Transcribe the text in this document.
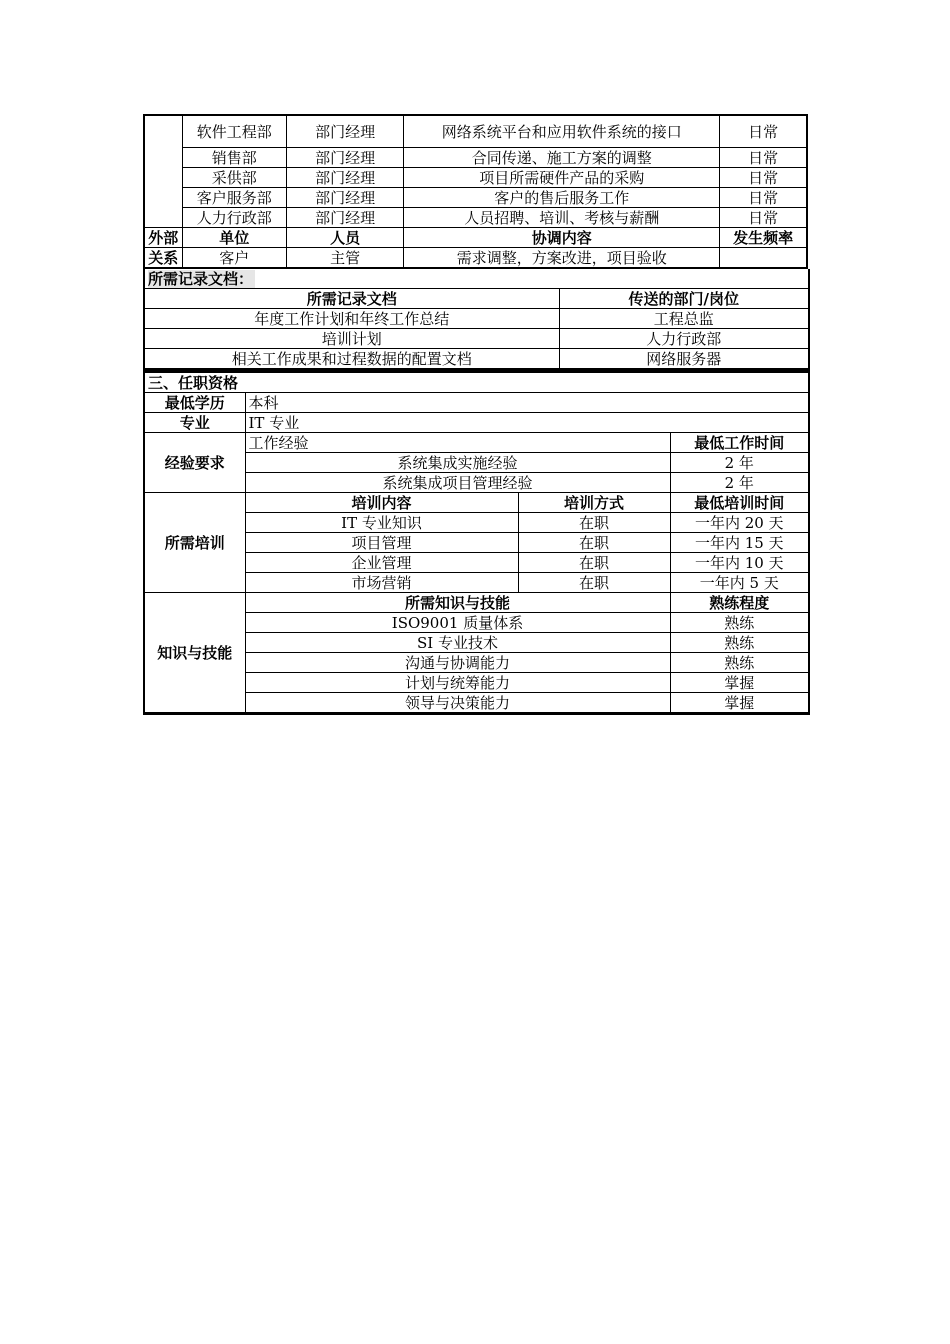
	软件工程部	部门经理	网络系统平台和应用软件系统的接口	日常
	销售部	部门经理	合同传递、施工方案的调整	日常
	采供部	部门经理	项目所需硬件产品的采购	日常
	客户服务部	部门经理	客户的售后服务工作	日常
	人力行政部	部门经理	人员招聘、培训、考核与薪酬	日常
外部	单位	人员	协调内容	发生频率
关系	客户	主管	需求调整，方案改进，项目验收	
所需记录文档：	
所需记录文档	传送的部门/岗位
年度工作计划和年终工作总结	工程总监
培训计划	人力行政部
相关工作成果和过程数据的配置文档	网络服务器
三、任职资格			
最低学历	本科		
专业	IT 专业		
经验要求	工作经验		最低工作时间
	系统集成实施经验		2 年
	系统集成项目管理经验		2 年
所需培训	培训内容	培训方式	最低培训时间
	IT 专业知识	在职	一年内 20 天
	项目管理	在职	一年内 15 天
	企业管理	在职	一年内 10 天
	市场营销	在职	一年内 5 天
知识与技能	所需知识与技能		熟练程度
	ISO9001 质量体系		熟练
	SI 专业技术		熟练
	沟通与协调能力		熟练
	计划与统筹能力		掌握
	领导与决策能力		掌握
